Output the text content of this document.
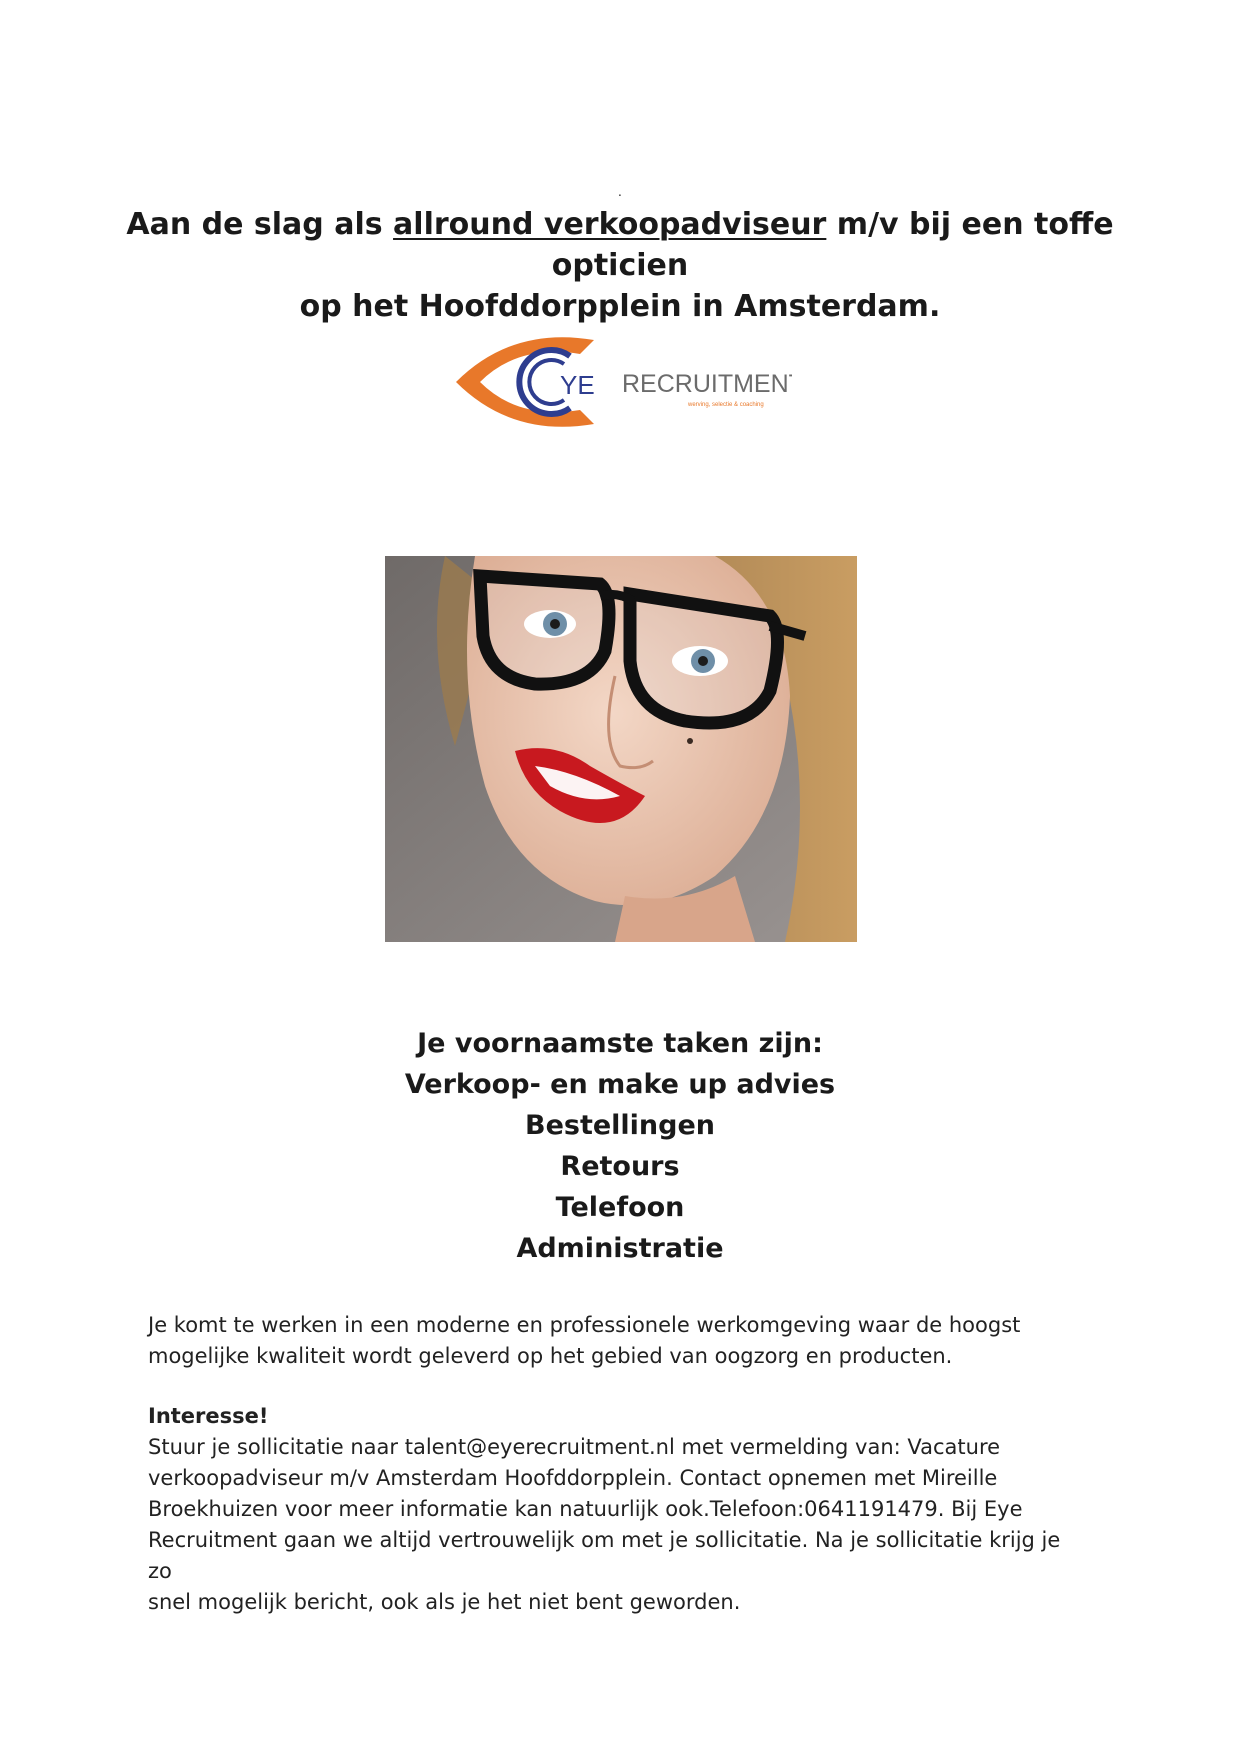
.
Aan de slag als allround verkoopadviseur m/v bij een toffe opticien
op het Hoofddorpplein in Amsterdam.
YE RECRUITMENT
werving, selectie & coaching
Je voornaamste taken zijn:
Verkoop- en make up advies
Bestellingen
Retours
Telefoon
Administratie
Je komt te werken in een moderne en professionele werkomgeving waar de hoogst
mogelijke kwaliteit wordt geleverd op het gebied van oogzorg en producten.
Interesse!
Stuur je sollicitatie naar talent@eyerecruitment.nl met vermelding van: Vacature
verkoopadviseur m/v Amsterdam Hoofddorpplein. Contact opnemen met Mireille
Broekhuizen voor meer informatie kan natuurlijk ook.Telefoon:0641191479. Bij Eye
Recruitment gaan we altijd vertrouwelijk om met je sollicitatie. Na je sollicitatie krijg je zo
snel mogelijk bericht, ook als je het niet bent geworden.
